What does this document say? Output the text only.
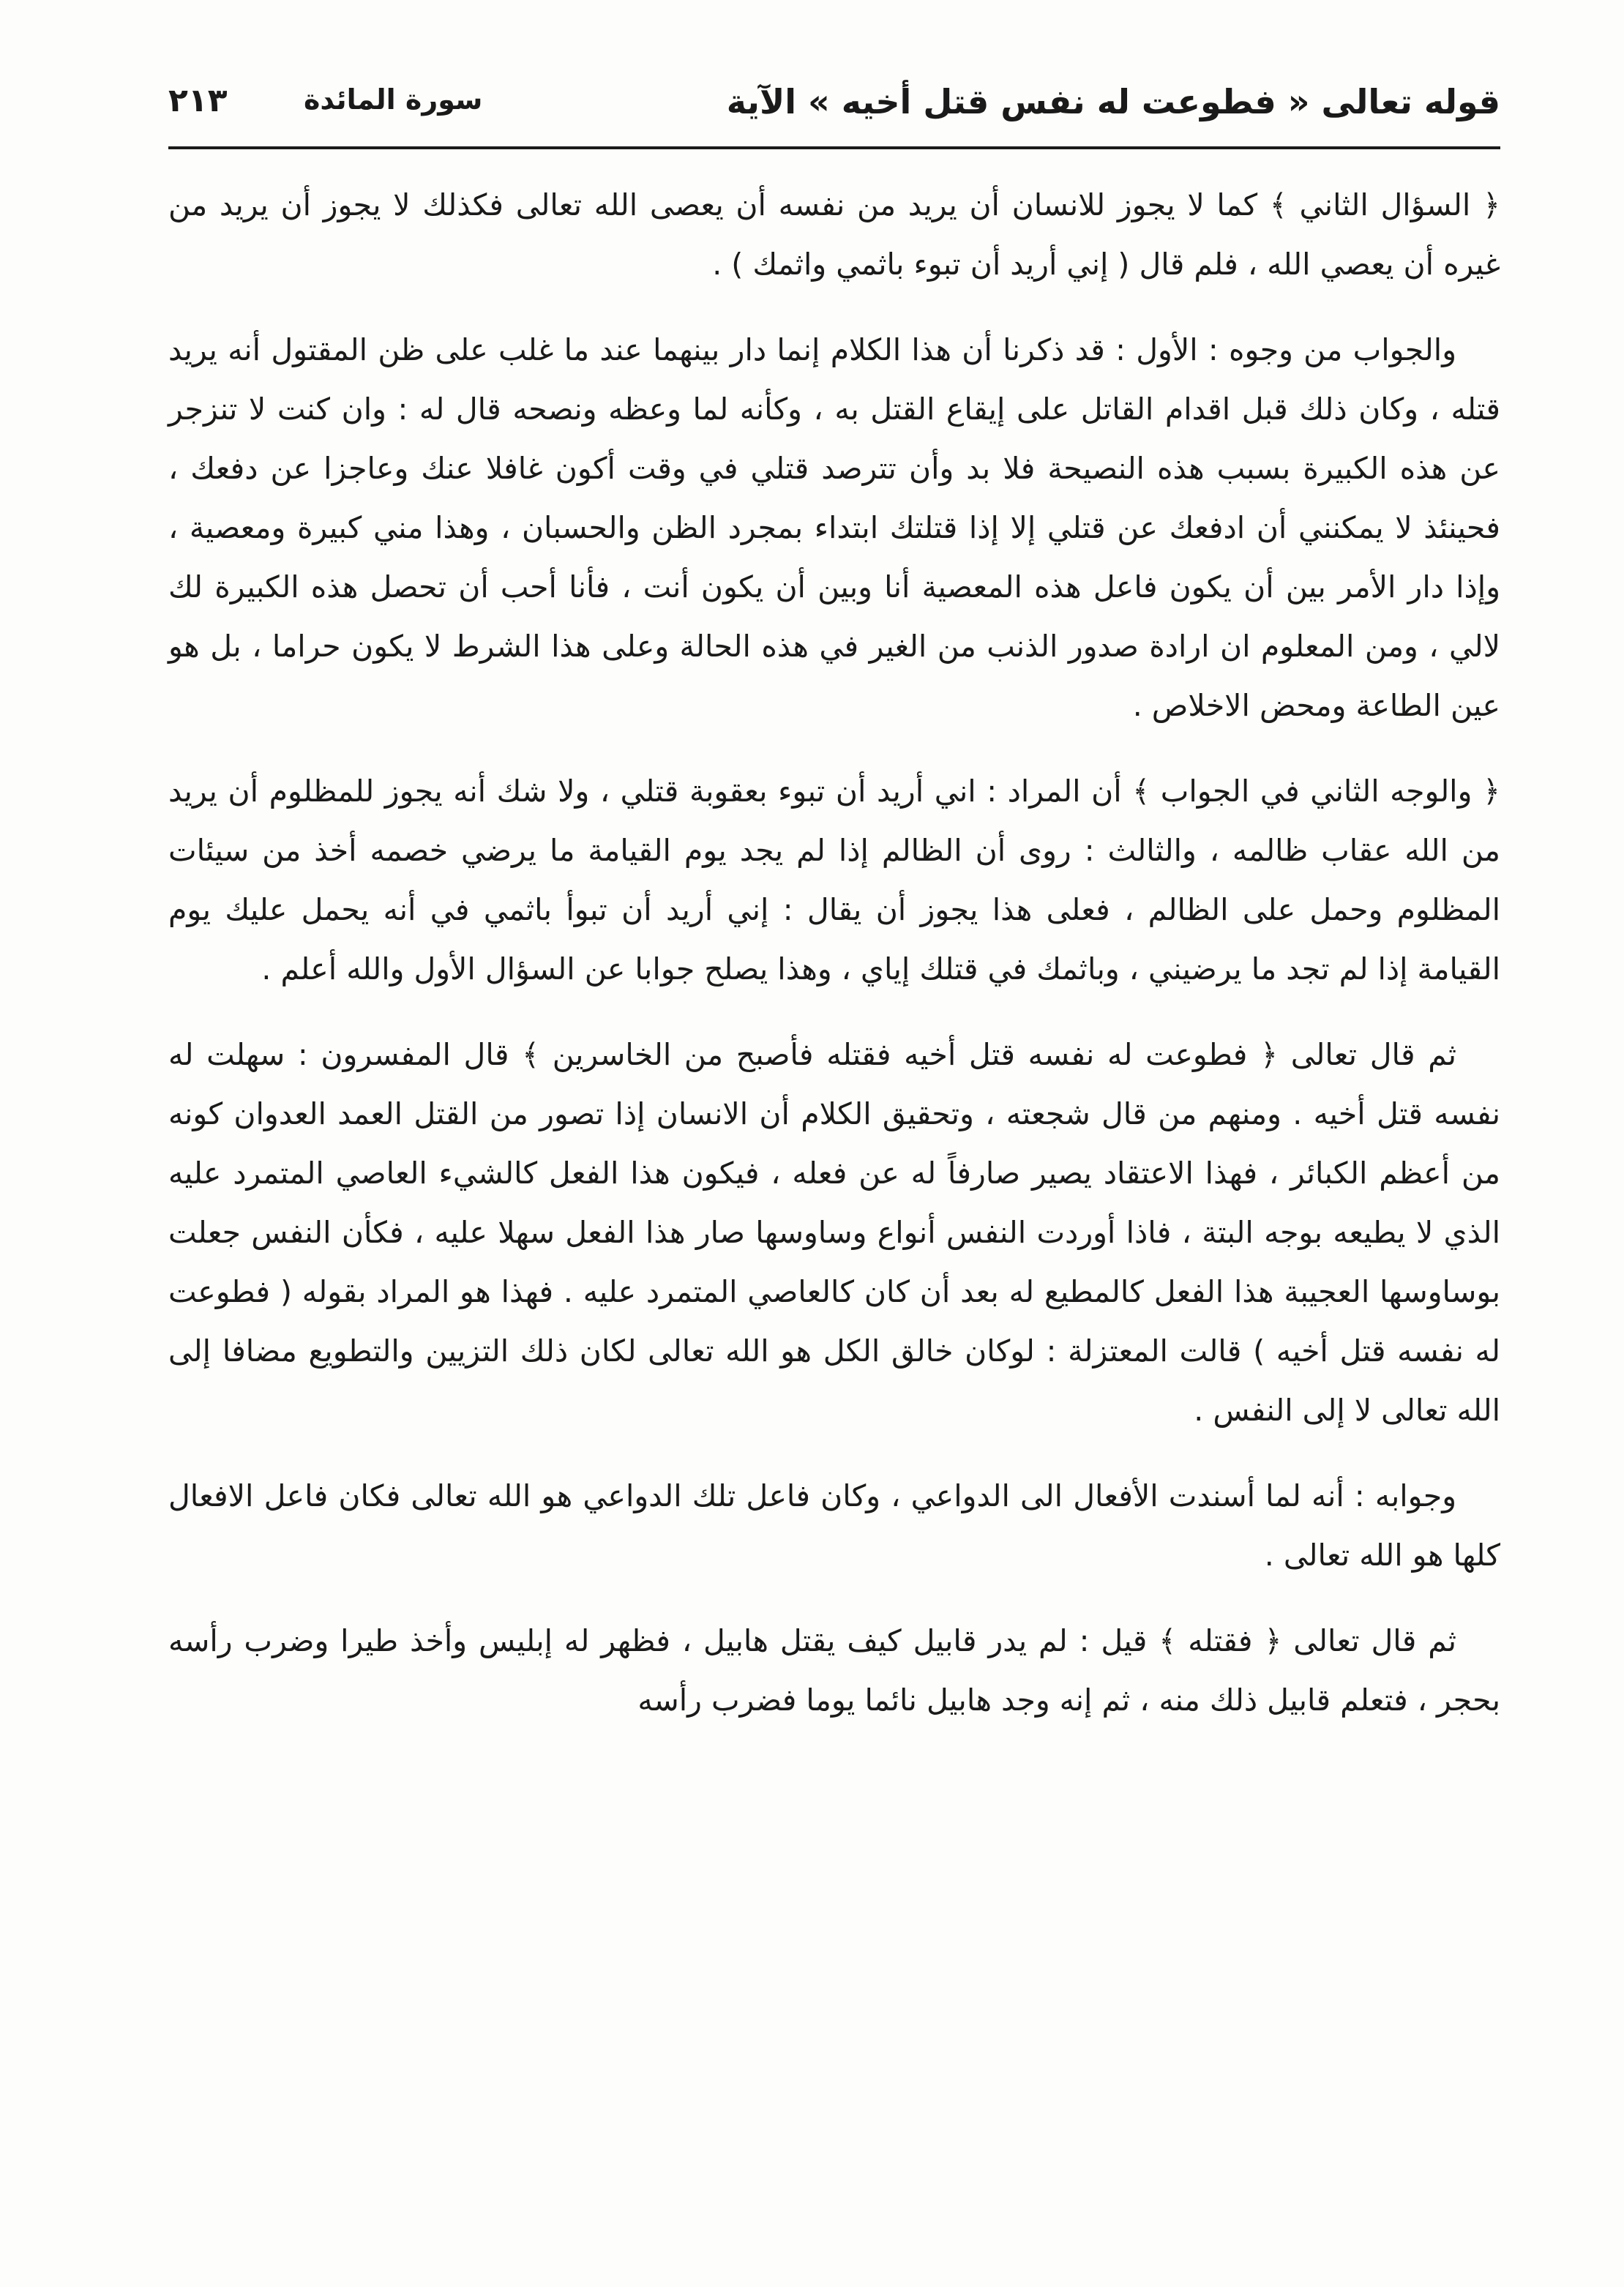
قوله تعالى « فطوعت له نفس قتل أخيه » الآية
سورة المائدة
٢١٣

﴿ السؤال الثاني ﴾ كما لا يجوز للانسان أن يريد من نفسه أن يعصى الله تعالى فكذلك لا يجوز أن يريد من غيره أن يعصي الله ، فلم قال ( إني أريد أن تبوء باثمي واثمك ) .

والجواب من وجوه : الأول : قد ذكرنا أن هذا الكلام إنما دار بينهما عند ما غلب على ظن المقتول أنه يريد قتله ، وكان ذلك قبل اقدام القاتل على إيقاع القتل به ، وكأنه لما وعظه ونصحه قال له : وان كنت لا تنزجر عن هذه الكبيرة بسبب هذه النصيحة فلا بد وأن تترصد قتلي في وقت أكون غافلا عنك وعاجزا عن دفعك ، فحينئذ لا يمكنني أن ادفعك عن قتلي إلا إذا قتلتك ابتداء بمجرد الظن والحسبان ، وهذا مني كبيرة ومعصية ، وإذا دار الأمر بين أن يكون فاعل هذه المعصية أنا وبين أن يكون أنت ، فأنا أحب أن تحصل هذه الكبيرة لك لالي ، ومن المعلوم ان ارادة صدور الذنب من الغير في هذه الحالة وعلى هذا الشرط لا يكون حراما ، بل هو عين الطاعة ومحض الاخلاص .

﴿ والوجه الثاني في الجواب ﴾ أن المراد : اني أريد أن تبوء بعقوبة قتلي ، ولا شك أنه يجوز للمظلوم أن يريد من الله عقاب ظالمه ، والثالث : روى أن الظالم إذا لم يجد يوم القيامة ما يرضي خصمه أخذ من سيئات المظلوم وحمل على الظالم ، فعلى هذا يجوز أن يقال : إني أريد أن تبوأ باثمي في أنه يحمل عليك يوم القيامة إذا لم تجد ما يرضيني ، وباثمك في قتلك إياي ، وهذا يصلح جوابا عن السؤال الأول والله أعلم .

ثم قال تعالى ﴿ فطوعت له نفسه قتل أخيه فقتله فأصبح من الخاسرين ﴾ قال المفسرون : سهلت له نفسه قتل أخيه . ومنهم من قال شجعته ، وتحقيق الكلام أن الانسان إذا تصور من القتل العمد العدوان كونه من أعظم الكبائر ، فهذا الاعتقاد يصير صارفاً له عن فعله ، فيكون هذا الفعل كالشيء العاصي المتمرد عليه الذي لا يطيعه بوجه البتة ، فاذا أوردت النفس أنواع وساوسها صار هذا الفعل سهلا عليه ، فكأن النفس جعلت بوساوسها العجيبة هذا الفعل كالمطيع له بعد أن كان كالعاصي المتمرد عليه . فهذا هو المراد بقوله ( فطوعت له نفسه قتل أخيه ) قالت المعتزلة : لوكان خالق الكل هو الله تعالى لكان ذلك التزيين والتطويع مضافا إلى الله تعالى لا إلى النفس .

وجوابه : أنه لما أسندت الأفعال الى الدواعي ، وكان فاعل تلك الدواعي هو الله تعالى فكان فاعل الافعال كلها هو الله تعالى .

ثم قال تعالى ﴿ فقتله ﴾ قيل : لم يدر قابيل كيف يقتل هابيل ، فظهر له إبليس وأخذ طيرا وضرب رأسه بحجر ، فتعلم قابيل ذلك منه ، ثم إنه وجد هابيل نائما يوما فضرب رأسه
